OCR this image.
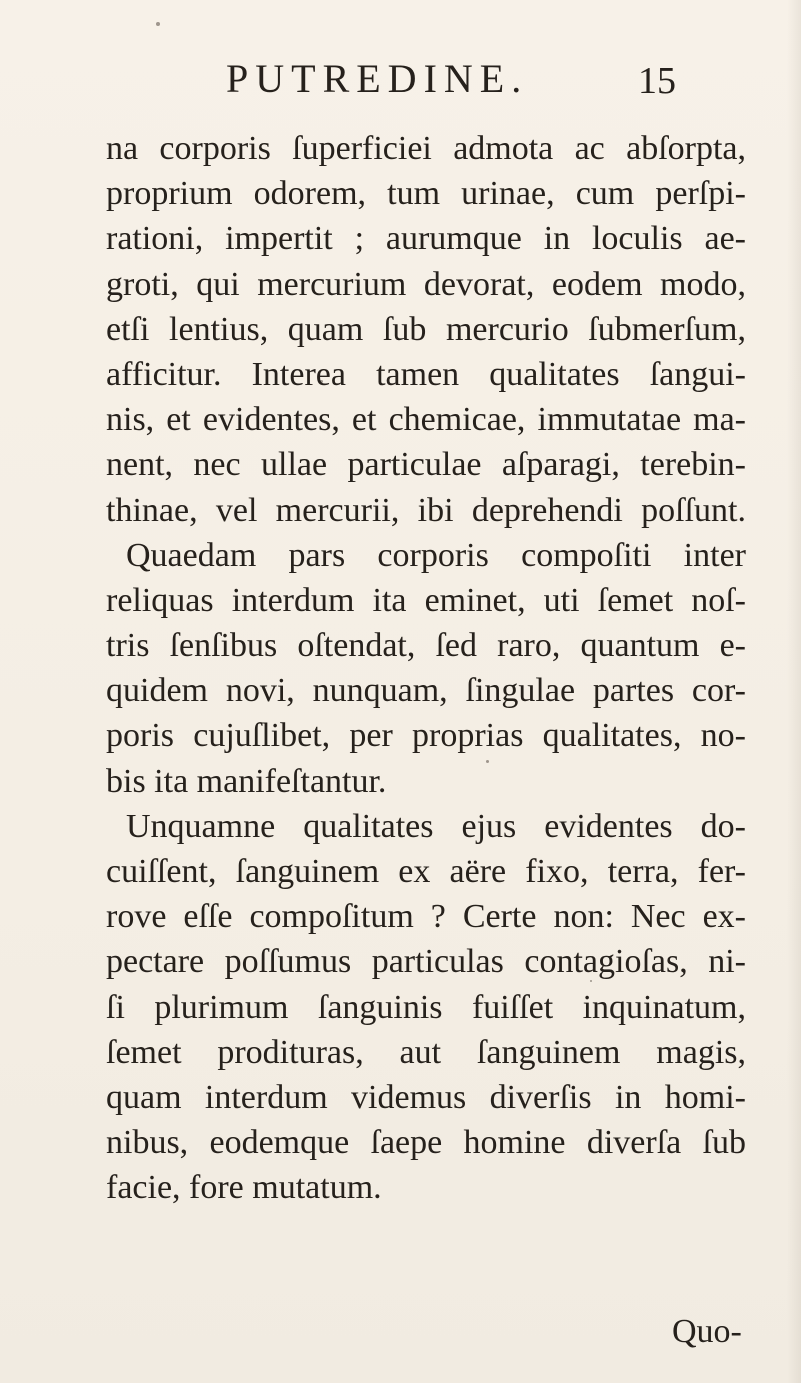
PUTREDINE.	15
na corporis ſuperficiei admota ac abſorpta,
proprium odorem, tum urinae, cum perſpi-
rationi, impertit ; aurumque in loculis ae-
groti, qui mercurium devorat, eodem modo,
etſi lentius, quam ſub mercurio ſubmerſum,
afficitur. Interea tamen qualitates ſangui-
nis, et evidentes, et chemicae, immutatae ma-
nent, nec ullae particulae aſparagi, terebin-
thinae, vel mercurii, ibi deprehendi poſſunt.
Quaedam pars corporis compoſiti inter
reliquas interdum ita eminet, uti ſemet noſ-
tris ſenſibus oſtendat, ſed raro, quantum e-
quidem novi, nunquam, ſingulae partes cor-
poris cujuſlibet, per proprias qualitates, no-
bis ita manifeſtantur.
Unquamne qualitates ejus evidentes do-
cuiſſent, ſanguinem ex aëre fixo, terra, fer-
rove eſſe compoſitum ? Certe non: Nec ex-
pectare poſſumus particulas contagioſas, ni-
ſi plurimum ſanguinis fuiſſet inquinatum,
ſemet prodituras, aut ſanguinem magis,
quam interdum videmus diverſis in homi-
nibus, eodemque ſaepe homine diverſa ſub
facie, fore mutatum.
Quo-
